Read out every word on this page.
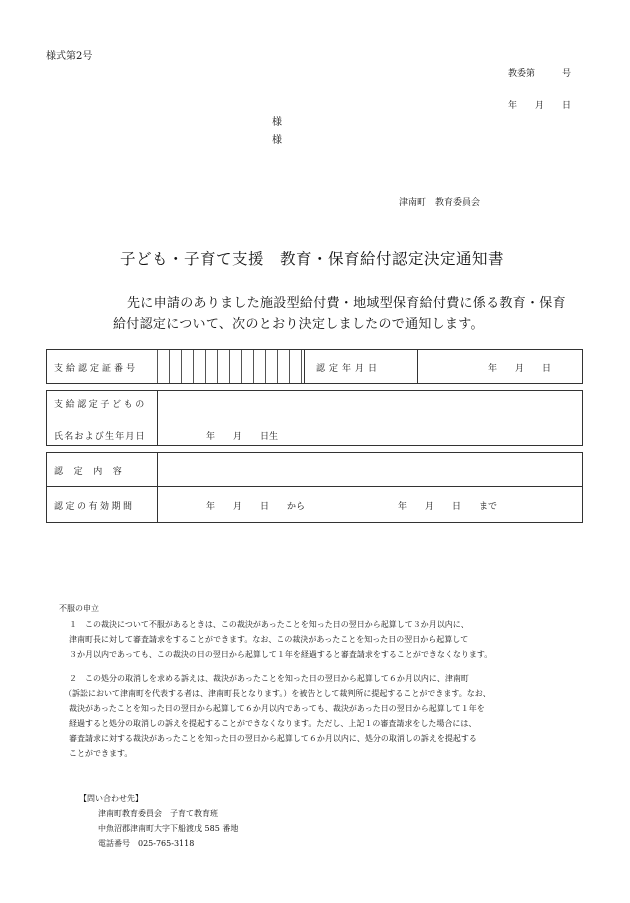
様式第2号
教委第　　　号
年　　月　　日
様
様
津南町　教育委員会
子ども・子育て支援　教育・保育給付認定決定通知書
先に申請のありました施設型給付費・地域型保育給付費に係る教育・保育
給付認定について、次のとおり決定しましたので通知します。
支給認定証番号	認定年月日	年　　月　　日
支給認定子どもの
氏名および生年月日	年　　月　　日生
認　定　内　容
認定の有効期間	年　　月　　日　　から	年　　月　　日　　まで
不服の申立
１　この裁決について不服があるときは、この裁決があったことを知った日の翌日から起算して３か月以内に、
津南町長に対して審査請求をすることができます。なお、この裁決があったことを知った日の翌日から起算して
３か月以内であっても、この裁決の日の翌日から起算して１年を経過すると審査請求をすることができなくなります。
２　この処分の取消しを求める訴えは、裁決があったことを知った日の翌日から起算して６か月以内に、津南町
（訴訟において津南町を代表する者は、津南町長となります。）を被告として裁判所に提起することができます。なお、
裁決があったことを知った日の翌日から起算して６か月以内であっても、裁決があった日の翌日から起算して１年を
経過すると処分の取消しの訴えを提起することができなくなります。ただし、上記１の審査請求をした場合には、
審査請求に対する裁決があったことを知った日の翌日から起算して６か月以内に、処分の取消しの訴えを提起する
ことができます。
【問い合わせ先】
津南町教育委員会　子育て教育班
中魚沼郡津南町大字下船渡戊 585 番地
電話番号　025-765-3118
